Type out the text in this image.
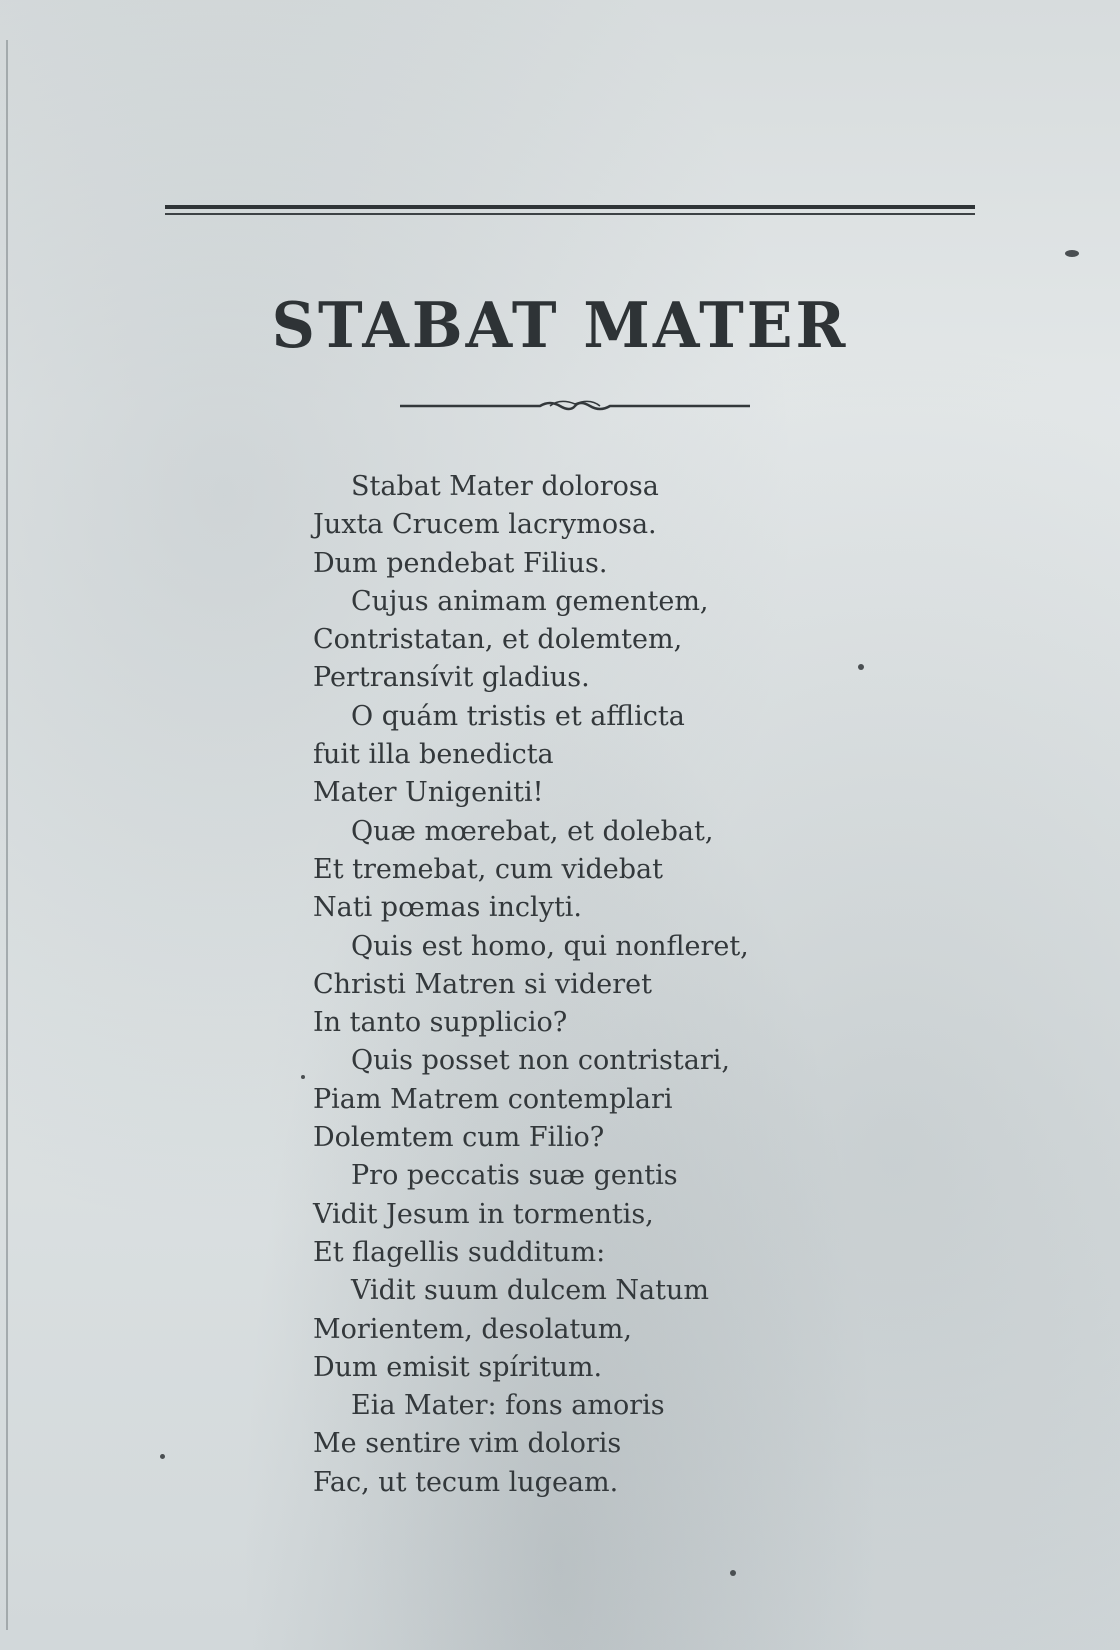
STABAT MATER
Stabat Mater dolorosa
Juxta Crucem lacrymosa.
Dum pendebat Filius.
Cujus animam gementem,
Contristatan, et dolemtem,
Pertransívit gladius.
O quám tristis et afflicta
fuit illa benedicta
Mater Unigeniti!
Quæ mœrebat, et dolebat,
Et tremebat, cum videbat
Nati pœmas inclyti.
Quis est homo, qui nonfleret,
Christi Matren si videret
In tanto supplicio?
Quis posset non contristari,
Piam Matrem contemplari
Dolemtem cum Filio?
Pro peccatis suæ gentis
Vidit Jesum in tormentis,
Et flagellis sudditum:
Vidit suum dulcem Natum
Morientem, desolatum,
Dum emisit spíritum.
Eia Mater: fons amoris
Me sentire vim doloris
Fac, ut tecum lugeam.
